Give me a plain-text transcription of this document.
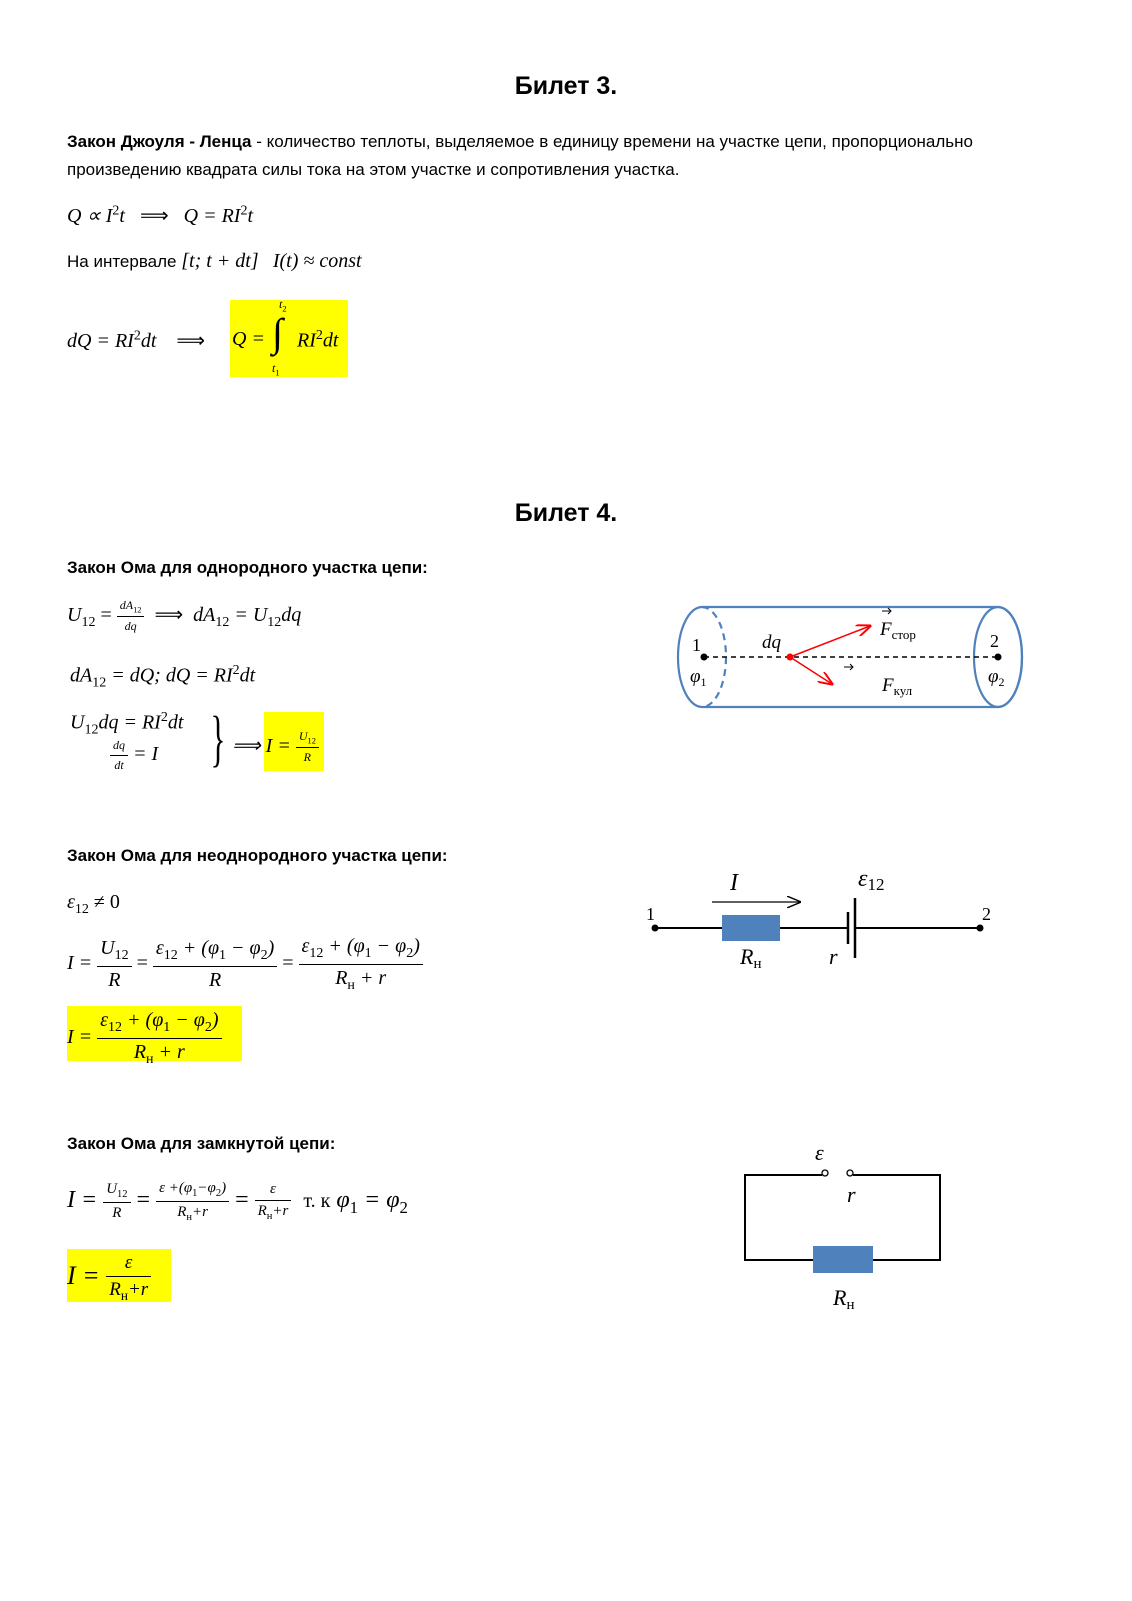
Билет 3.
Закон Джоуля - Ленца - количество теплоты, выделяемое в единицу времени на участке цепи, пропорционально произведению квадрата силы тока на этом участке и сопротивления участка.
$Q \propto I^2t$ ⟹ $Q = RI^2t$
На интервале [t; t + dt] I(t) ≈ const
dQ = $RI^2dt$ ⟹ Q = ∫
$t_2$
$t_1$
$RI^2dt$
Билет 4.
Закон Ома для однородного участка цепи:
$U_{12} = \frac{dA_{12}}{dq}$ ⟹ $dA_{12} = U_{12}dq$
$dA_{12}$ = dQ; dQ = $RI^2dt$
$U_{12}dq = RI^2dt$
$\frac{dq}{dt} = I$ } ⟹ $I = \frac{U_{12}}{R}$
1	2
$\varphi_1$	$\varphi_2$
dq
$F_{стор}$
$F_{кул}$
Закон Ома для неоднородного участка цепи:
$\varepsilon_{12} \ne 0$
$I = \frac{U_{12}}{R} = \frac{\varepsilon_{12} + (\varphi_1 - \varphi_2)}{R}$ =
$\varepsilon_{12} + (\varphi_1 - \varphi_2)$
$R_н + r$
I =
$\varepsilon_{12} + (\varphi_1 - \varphi_2)$
$R_н + r$
I	ε12
1	2
Rн	r
Закон Ома для замкнутой цепи:
$I = \frac{U_{12}}{R} = \varepsilon +(\varphi_1-\varphi_2)$
$R_н+r$	=	ε
$R_н+r$ т. к $\varphi_1 = \varphi_2$
I =	ε
$R_н+r$
ε
r
Rн
